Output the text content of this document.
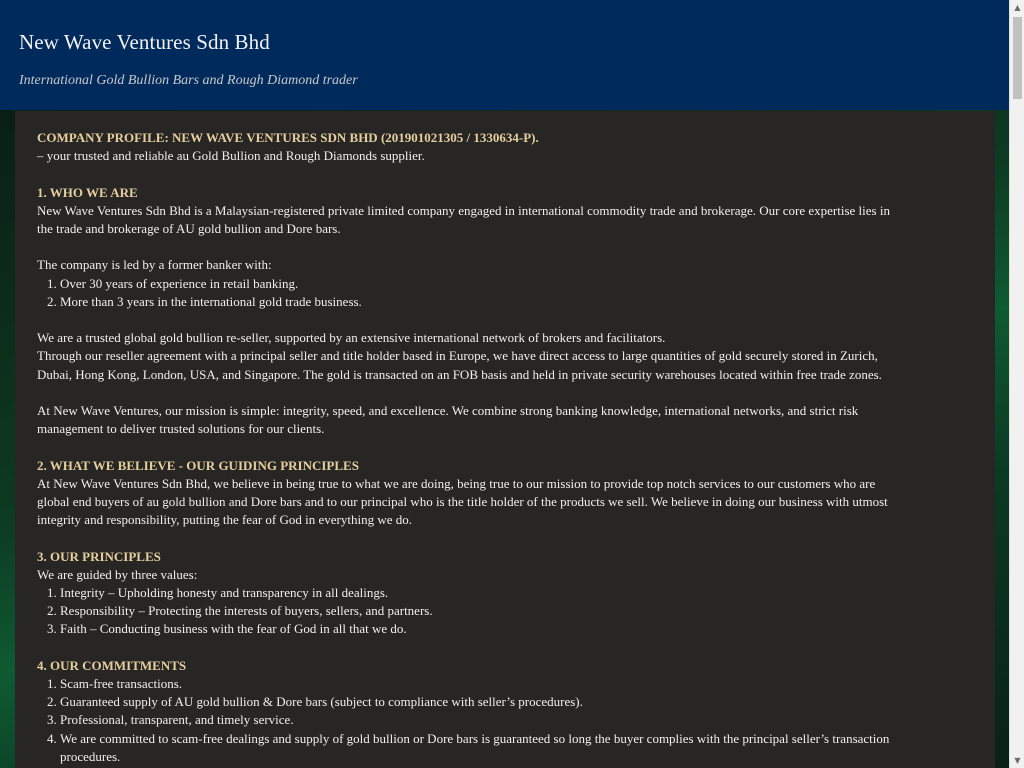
New Wave Ventures Sdn Bhd
International Gold Bullion Bars and Rough Diamond trader
COMPANY PROFILE: NEW WAVE VENTURES SDN BHD (201901021305 / 1330634-P).
– your trusted and reliable au Gold Bullion and Rough Diamonds supplier.
1. WHO WE ARE
New Wave Ventures Sdn Bhd is a Malaysian-registered private limited company engaged in international commodity trade and brokerage. Our core expertise lies in the trade and brokerage of AU gold bullion and Dore bars.
The company is led by a former banker with:
1. Over 30 years of experience in retail banking.
2. More than 3 years in the international gold trade business.
We are a trusted global gold bullion re-seller, supported by an extensive international network of brokers and facilitators.
Through our reseller agreement with a principal seller and title holder based in Europe, we have direct access to large quantities of gold securely stored in Zurich, Dubai, Hong Kong, London, USA, and Singapore. The gold is transacted on an FOB basis and held in private security warehouses located within free trade zones.
At New Wave Ventures, our mission is simple: integrity, speed, and excellence. We combine strong banking knowledge, international networks, and strict risk management to deliver trusted solutions for our clients.
2. WHAT WE BELIEVE - OUR GUIDING PRINCIPLES
At New Wave Ventures Sdn Bhd, we believe in being true to what we are doing, being true to our mission to provide top notch services to our customers who are global end buyers of au gold bullion and Dore bars and to our principal who is the title holder of the products we sell. We believe in doing our business with utmost integrity and responsibility, putting the fear of God in everything we do.
3. OUR PRINCIPLES
We are guided by three values:
1. Integrity – Upholding honesty and transparency in all dealings.
2. Responsibility – Protecting the interests of buyers, sellers, and partners.
3. Faith – Conducting business with the fear of God in all that we do.
4. OUR COMMITMENTS
1. Scam-free transactions.
2. Guaranteed supply of AU gold bullion & Dore bars (subject to compliance with seller’s procedures).
3. Professional, transparent, and timely service.
4. We are committed to scam-free dealings and supply of gold bullion or Dore bars is guaranteed so long the buyer complies with the principal seller’s transaction procedures.
▲
▼
